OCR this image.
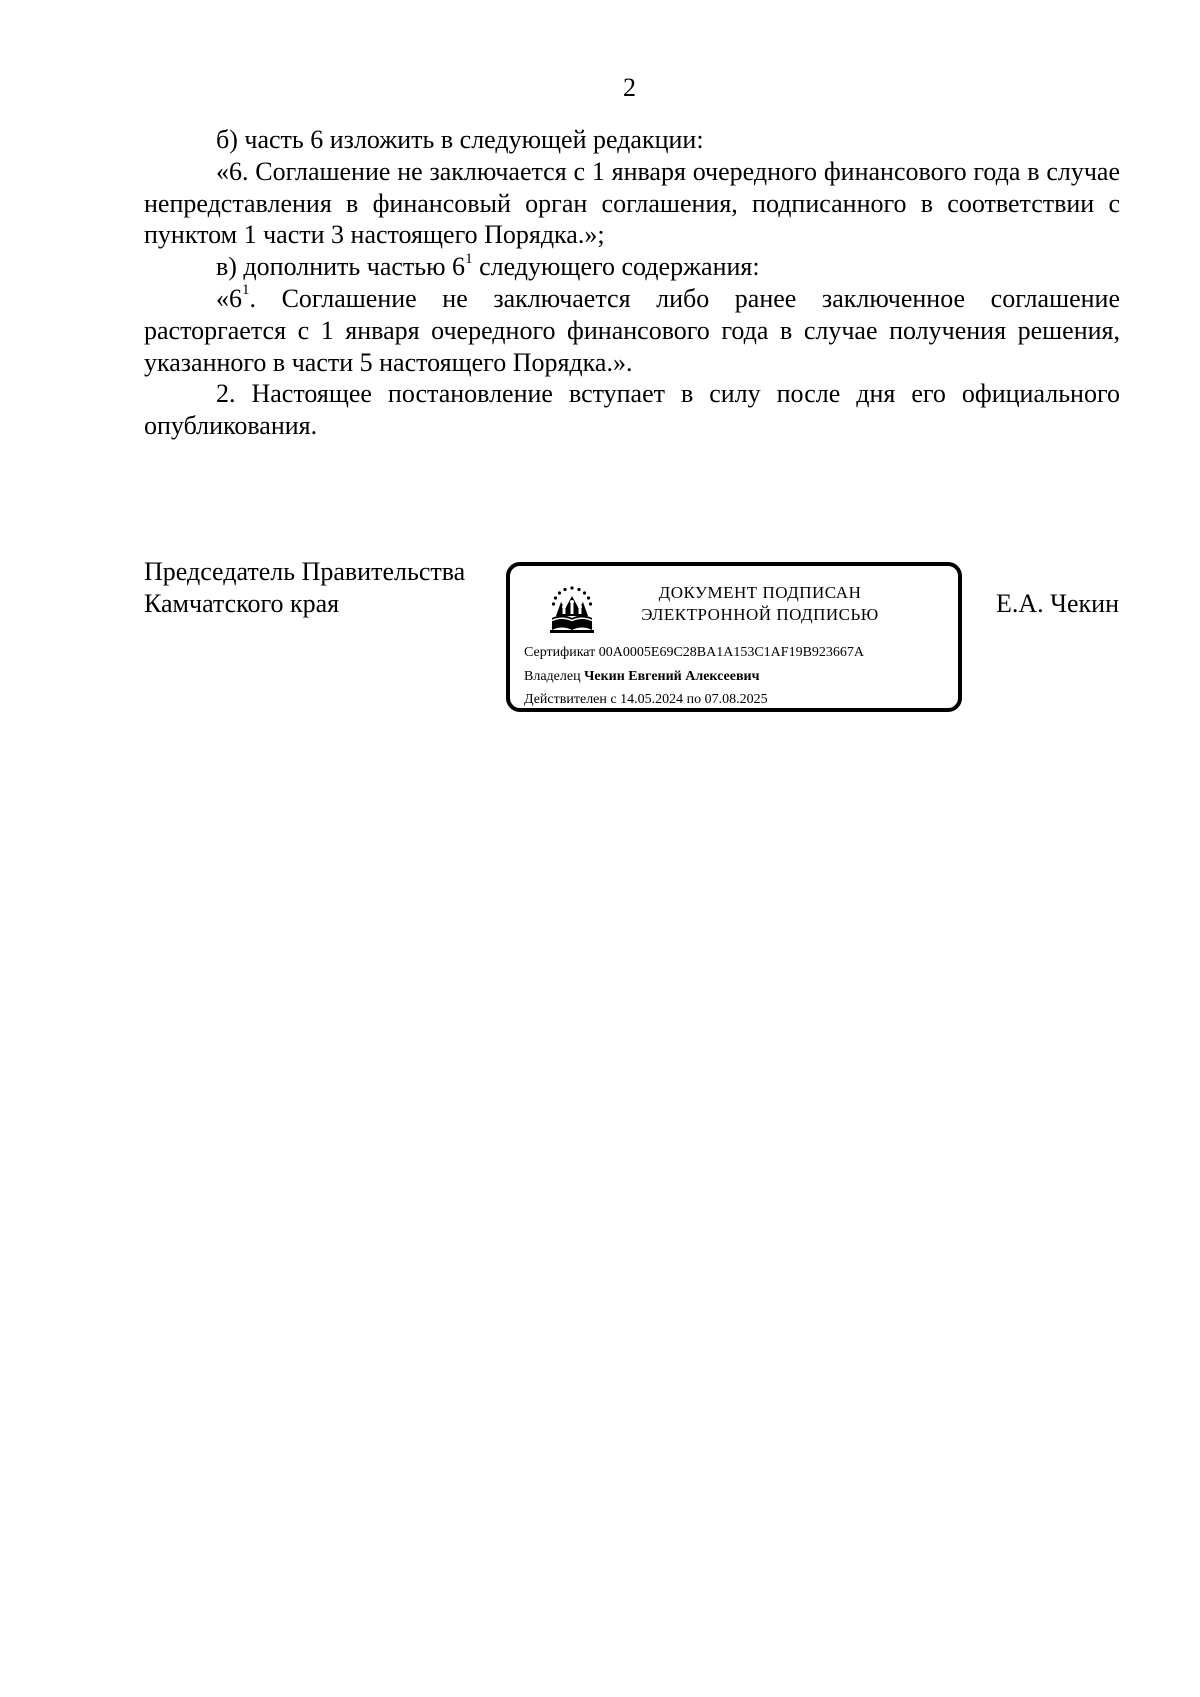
2

б) часть 6 изложить в следующей редакции:

«6. Соглашение не заключается с 1 января очередного финансового года в случае непредставления в финансовый орган соглашения, подписанного в соответствии с пунктом 1 части 3 настоящего Порядка.»;

в) дополнить частью $6^1$ следующего содержания:

«$6^1$. Соглашение не заключается либо ранее заключенное соглашение расторгается с 1 января очередного финансового года в случае получения решения, указанного в части 5 настоящего Порядка.».

2. Настоящее постановление вступает в силу после дня его официального опубликования.

Председатель Правительства
Камчатского края	ДОКУМЕНТ ПОДПИСАН
ЭЛЕКТРОННОЙ ПОДПИСЬЮ
Сертификат 00A0005E69C28BA1A153C1AF19B923667A
Владелец Чекин Евгений Алексеевич
Действителен с 14.05.2024 по 07.08.2025
Е.А. Чекин
